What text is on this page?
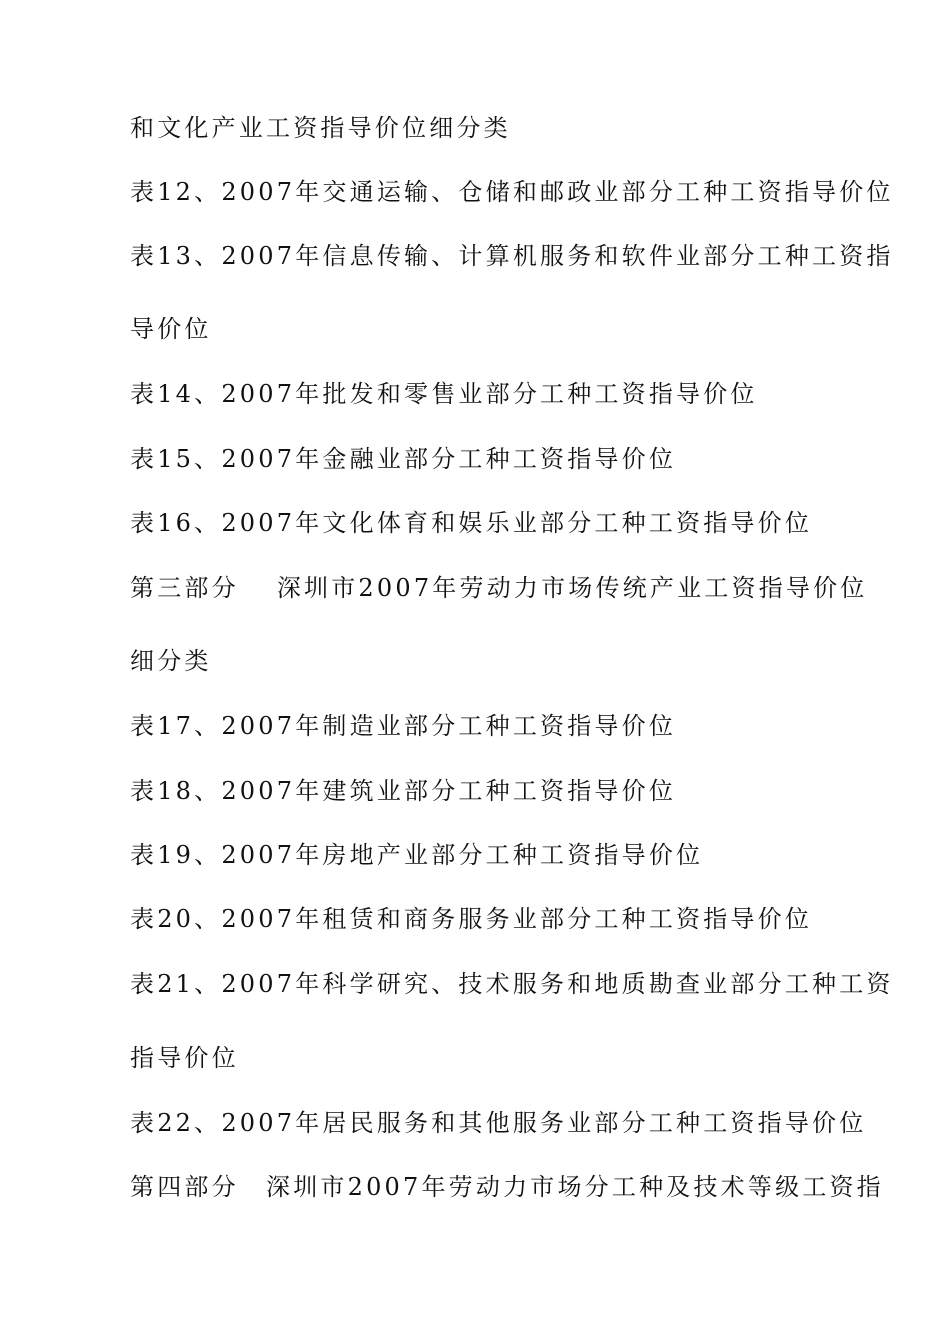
和文化产业工资指导价位细分类
表12、2007年交通运输、仓储和邮政业部分工种工资指导价位
表13、2007年信息传输、计算机服务和软件业部分工种工资指
导价位
表14、2007年批发和零售业部分工种工资指导价位
表15、2007年金融业部分工种工资指导价位
表16、2007年文化体育和娱乐业部分工种工资指导价位
第三部分　 深圳市2007年劳动力市场传统产业工资指导价位
细分类
表17、2007年制造业部分工种工资指导价位
表18、2007年建筑业部分工种工资指导价位
表19、2007年房地产业部分工种工资指导价位
表20、2007年租赁和商务服务业部分工种工资指导价位
表21、2007年科学研究、技术服务和地质勘查业部分工种工资
指导价位
表22、2007年居民服务和其他服务业部分工种工资指导价位
第四部分　深圳市2007年劳动力市场分工种及技术等级工资指
